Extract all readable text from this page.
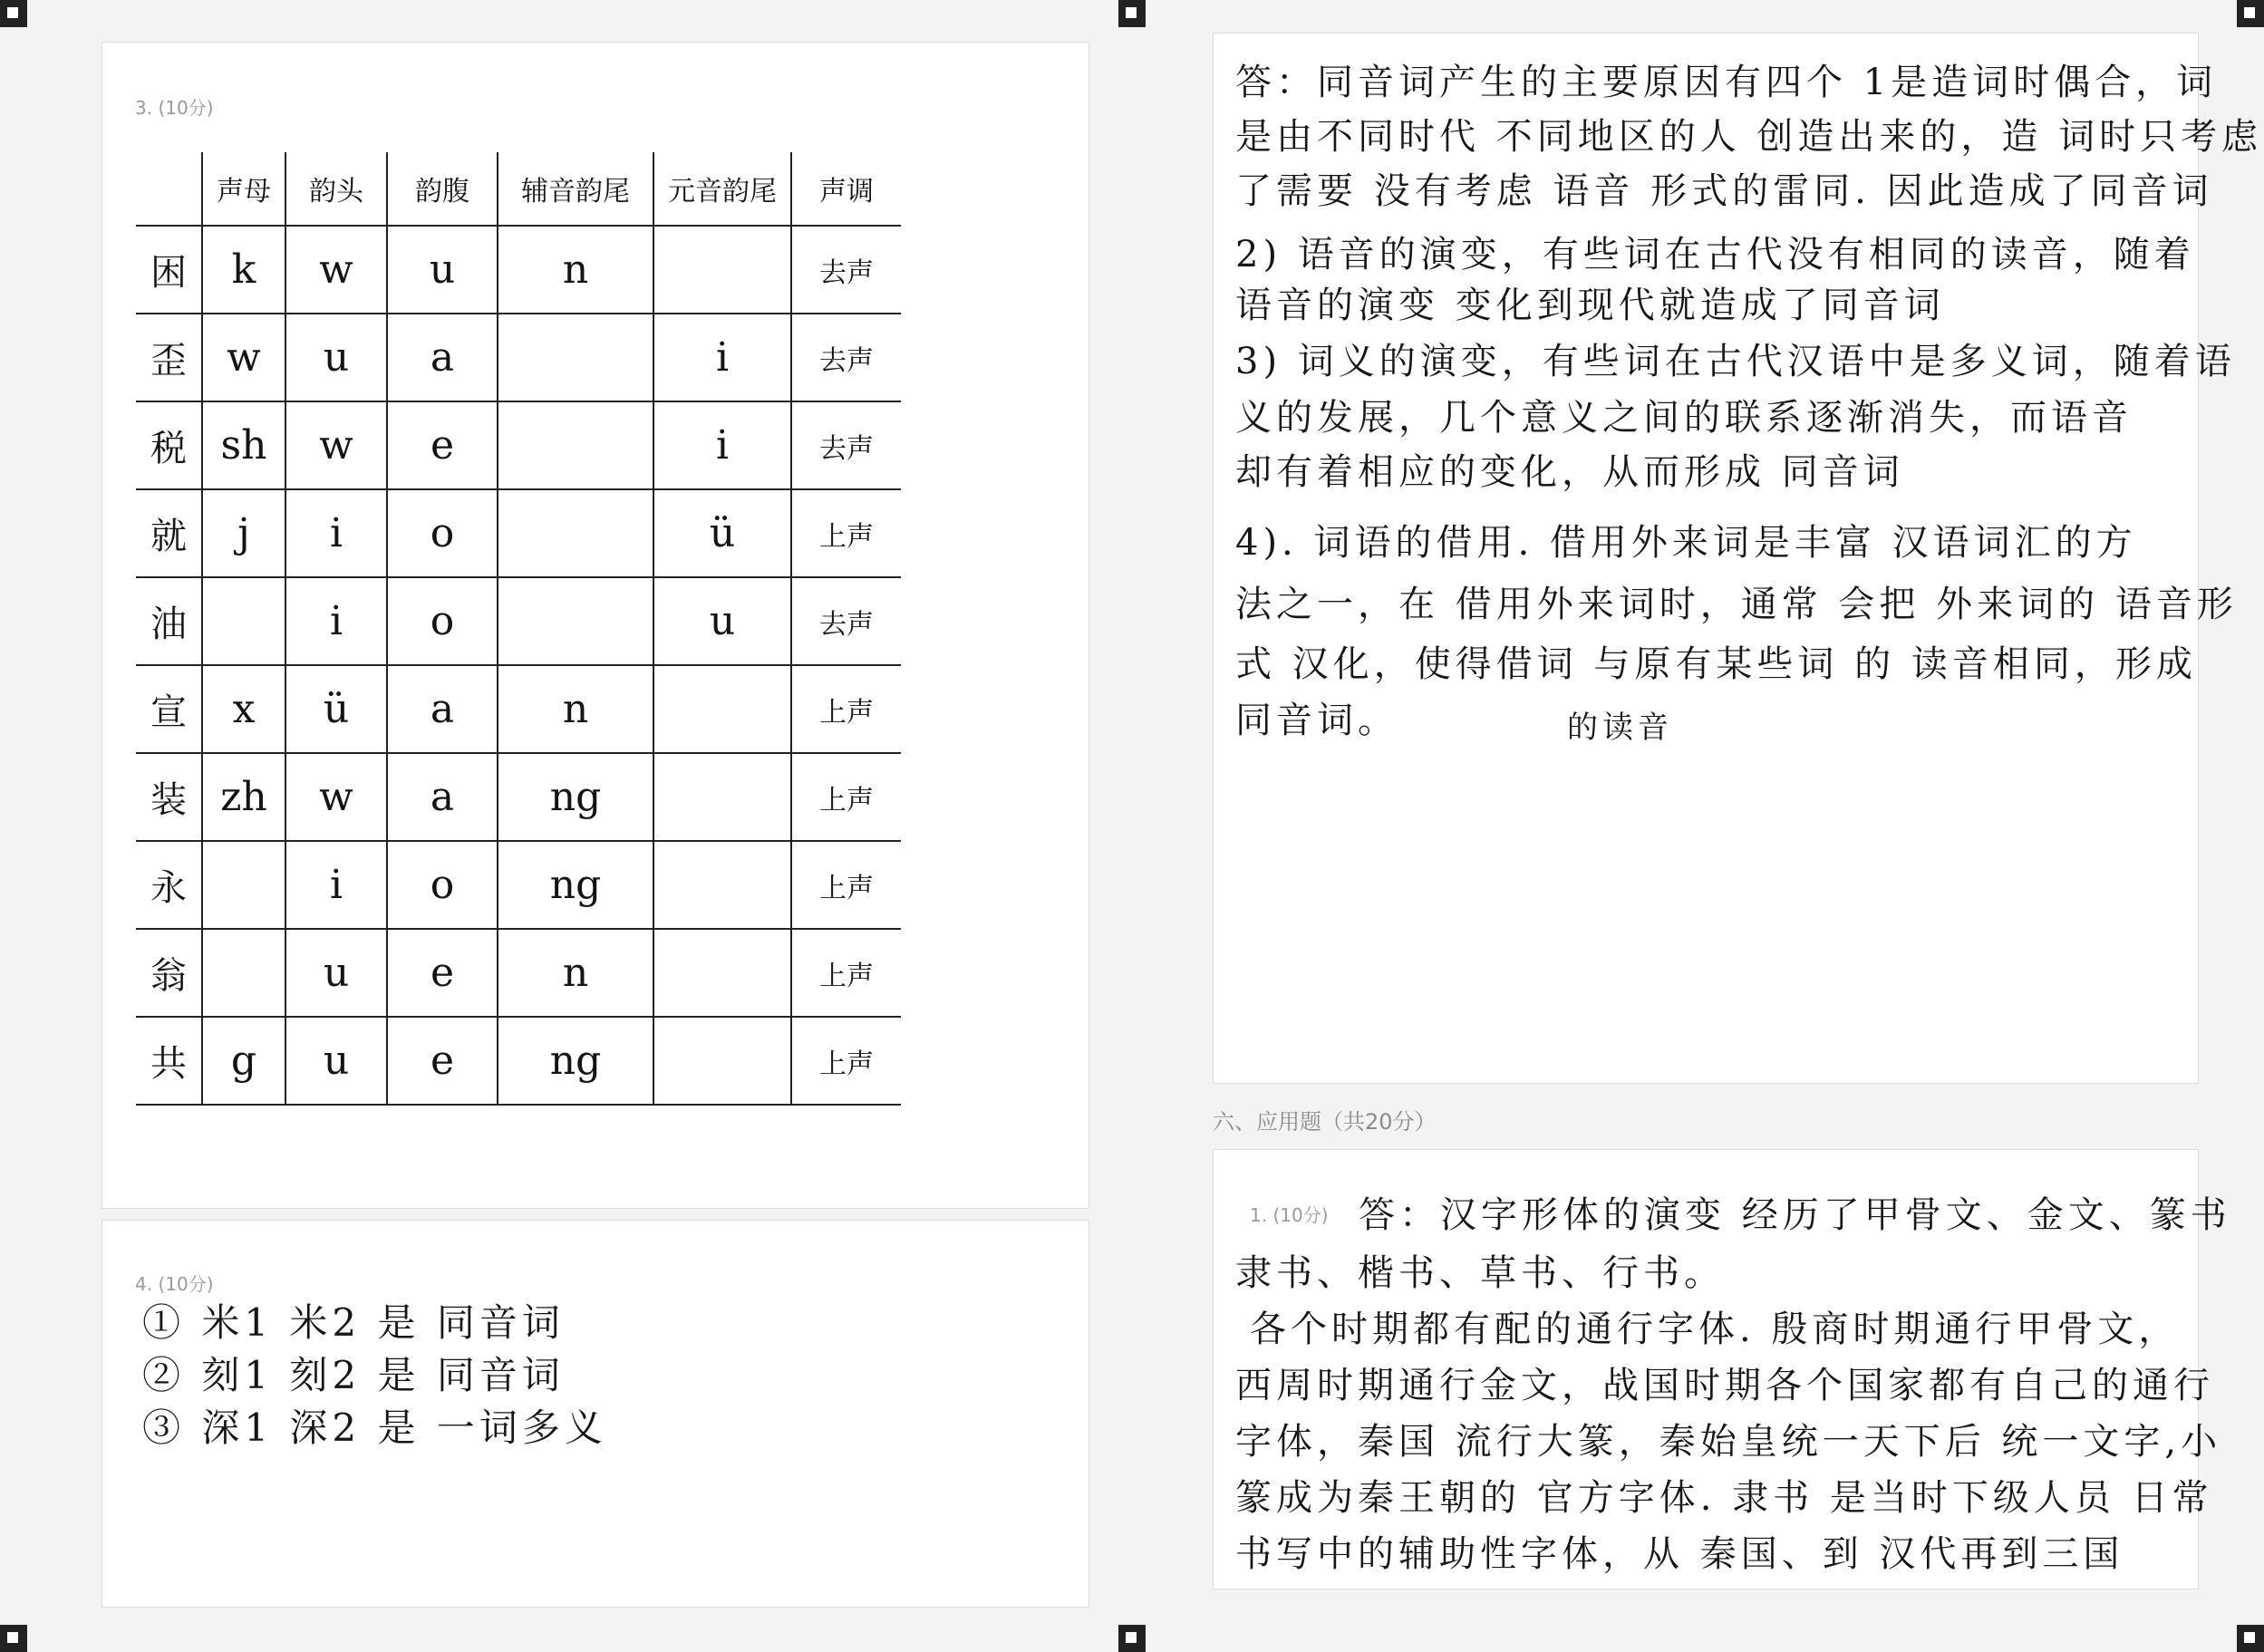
3. (10分)
	声母	韵头	韵腹	辅音韵尾	元音韵尾	声调
困	k	w	u	n		去声
歪	w	u	a		i	去声
税	sh	w	e		i	去声
就	j	i	o		ü	上声
油		i	o		u	去声
宣	x	ü	a	n		上声
装	zh	w	a	ng		上声
永		i	o	ng		上声
翁		u	e	n		上声
共	g	u	e	ng		上声
4. (10分)
① 米1 米2 是 同音词
② 刻1 刻2 是 同音词
③ 深1 深2 是 一词多义
答：同音词产生的主要原因有四个 1是造词时偶合，词
是由不同时代 不同地区的人 创造出来的，造 词时只考虑
了需要 没有考虑 语音 形式的雷同. 因此造成了同音词
2) 语音的演变，有些词在古代没有相同的读音，随着
语音的演变 变化到现代就造成了同音词
3) 词义的演变，有些词在古代汉语中是多义词，随着语
义的发展，几个意义之间的联系逐渐消失，而语音
却有着相应的变化，从而形成 同音词
4). 词语的借用. 借用外来词是丰富 汉语词汇的方
法之一，在 借用外来词时，通常 会把 外来词的 语音形
式 汉化，使得借词 与原有某些词 的 读音相同，形成
同音词。	的读音
六、应用题（共20分）
1. (10分) 答：汉字形体的演变 经历了甲骨文、金文、篆书
隶书、楷书、草书、行书。
各个时期都有配的通行字体. 殷商时期通行甲骨文，
西周时期通行金文，战国时期各个国家都有自己的通行
字体，秦国 流行大篆，秦始皇统一天下后 统一文字,小
篆成为秦王朝的 官方字体. 隶书 是当时下级人员 日常
书写中的辅助性字体，从 秦国、到 汉代再到三国
